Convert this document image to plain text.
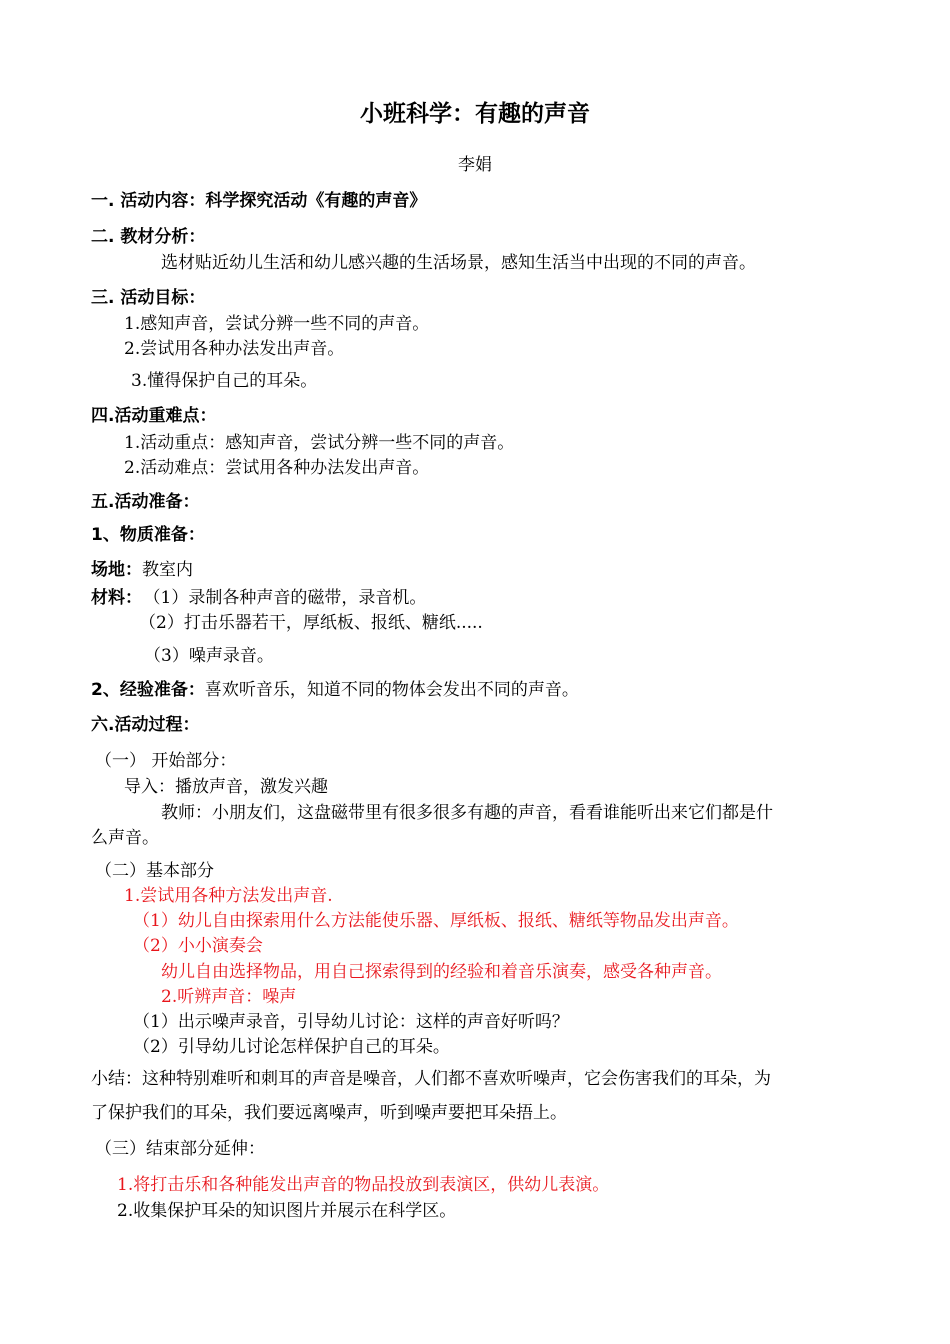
小班科学：有趣的声音
李娟
一. 活动内容：科学探究活动《有趣的声音》
二. 教材分析：
选材贴近幼儿生活和幼儿感兴趣的生活场景，感知生活当中出现的不同的声音。
三. 活动目标：
1.感知声音，尝试分辨一些不同的声音。
2.尝试用各种办法发出声音。
3.懂得保护自己的耳朵。
四.活动重难点：
1.活动重点：感知声音，尝试分辨一些不同的声音。
2.活动难点：尝试用各种办法发出声音。
五.活动准备：
1、物质准备：
场地：教室内
材料： （1）录制各种声音的磁带，录音机。
（2）打击乐器若干，厚纸板、报纸、糖纸.....
（3）噪声录音。
2、经验准备：喜欢听音乐，知道不同的物体会发出不同的声音。
六.活动过程：
（一） 开始部分：
导入：播放声音，激发兴趣
教师：小朋友们，这盘磁带里有很多很多有趣的声音，看看谁能听出来它们都是什
么声音。
（二）基本部分
1.尝试用各种方法发出声音.
（1）幼儿自由探索用什么方法能使乐器、厚纸板、报纸、糖纸等物品发出声音。
（2）小小演奏会
幼儿自由选择物品，用自己探索得到的经验和着音乐演奏，感受各种声音。
2.听辨声音：噪声
（1）出示噪声录音，引导幼儿讨论：这样的声音好听吗？
（2）引导幼儿讨论怎样保护自己的耳朵。
小结：这种特别难听和刺耳的声音是噪音，人们都不喜欢听噪声，它会伤害我们的耳朵，为
了保护我们的耳朵，我们要远离噪声，听到噪声要把耳朵捂上。
（三）结束部分延伸：
1.将打击乐和各种能发出声音的物品投放到表演区，供幼儿表演。
2.收集保护耳朵的知识图片并展示在科学区。
